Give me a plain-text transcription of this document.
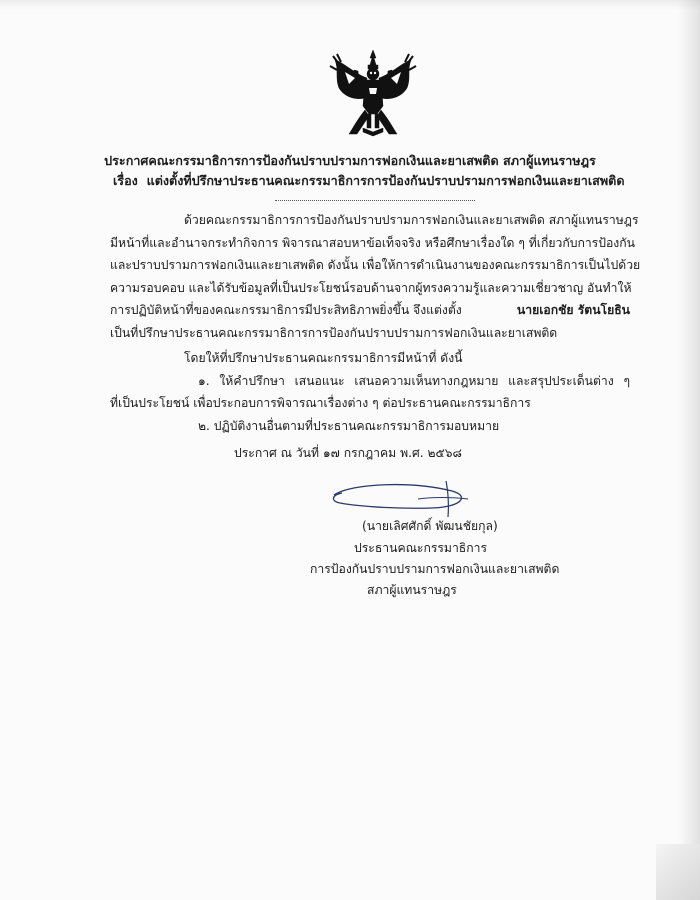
ประกาศคณะกรรมาธิการการป้องกันปราบปรามการฟอกเงินและยาเสพติด สภาผู้แทนราษฎร
เรื่อง แต่งตั้งที่ปรึกษาประธานคณะกรรมาธิการการป้องกันปราบปรามการฟอกเงินและยาเสพติด
ด้วยคณะกรรมาธิการการป้องกันปราบปรามการฟอกเงินและยาเสพติด สภาผู้แทนราษฎร
มีหน้าที่และอำนาจกระทำกิจการ พิจารณาสอบหาข้อเท็จจริง หรือศึกษาเรื่องใด ๆ ที่เกี่ยวกับการป้องกัน
และปราบปรามการฟอกเงินและยาเสพติด ดังนั้น เพื่อให้การดำเนินงานของคณะกรรมาธิการเป็นไปด้วย
ความรอบคอบ และได้รับข้อมูลที่เป็นประโยชน์รอบด้านจากผู้ทรงความรู้และความเชี่ยวชาญ อันทำให้
การปฏิบัติหน้าที่ของคณะกรรมาธิการมีประสิทธิภาพยิ่งขึ้น จึงแต่งตั้ง	นายเอกชัย รัตนโยธิน
เป็นที่ปรึกษาประธานคณะกรรมาธิการการป้องกันปราบปรามการฟอกเงินและยาเสพติด
โดยให้ที่ปรึกษาประธานคณะกรรมาธิการมีหน้าที่ ดังนี้
๑. ให้คำปรึกษา เสนอแนะ เสนอความเห็นทางกฎหมาย และสรุปประเด็นต่าง ๆ
ที่เป็นประโยชน์ เพื่อประกอบการพิจารณาเรื่องต่าง ๆ ต่อประธานคณะกรรมาธิการ
๒. ปฏิบัติงานอื่นตามที่ประธานคณะกรรมาธิการมอบหมาย
ประกาศ ณ วันที่ ๑๗ กรกฎาคม พ.ศ. ๒๕๖๘
(นายเลิศศักดิ์ พัฒนชัยกุล)
ประธานคณะกรรมาธิการ
การป้องกันปราบปรามการฟอกเงินและยาเสพติด
สภาผู้แทนราษฎร
